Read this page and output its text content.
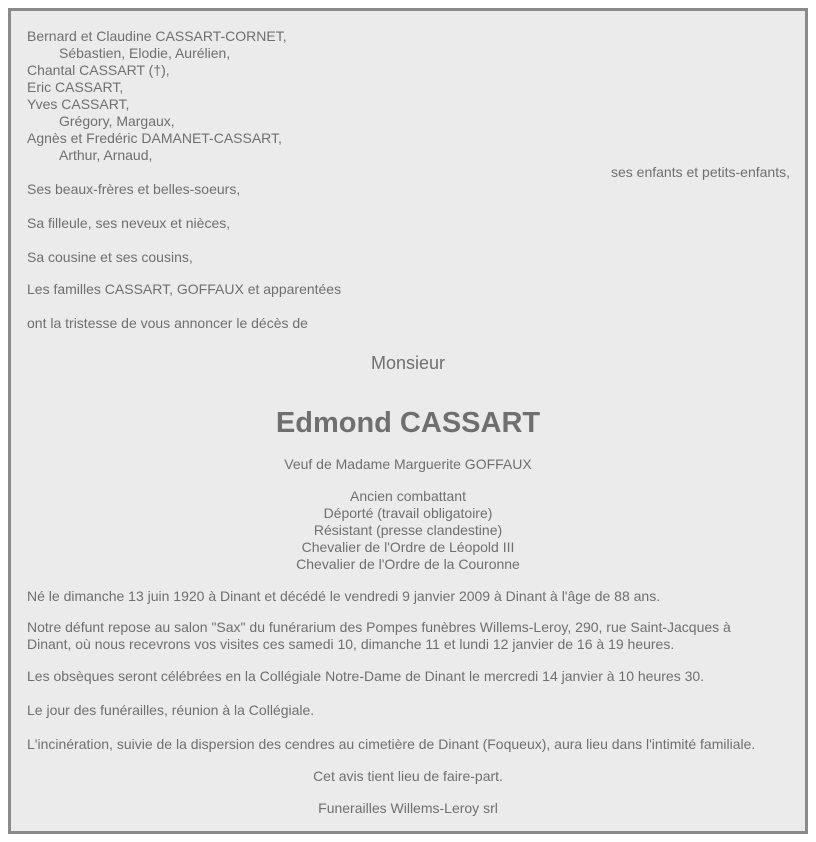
Bernard et Claudine CASSART-CORNET,
Sébastien, Elodie, Aurélien,
Chantal CASSART (†),
Eric CASSART,
Yves CASSART,
Grégory, Margaux,
Agnès et Fredéric DAMANET-CASSART,
Arthur, Arnaud,
ses enfants et petits-enfants,
Ses beaux-frères et belles-soeurs,
Sa filleule, ses neveux et nièces,
Sa cousine et ses cousins,
Les familles CASSART, GOFFAUX et apparentées
ont la tristesse de vous annoncer le décès de
Monsieur
Edmond CASSART
Veuf de Madame Marguerite GOFFAUX
Ancien combattant
Déporté (travail obligatoire)
Résistant (presse clandestine)
Chevalier de l'Ordre de Léopold III
Chevalier de l'Ordre de la Couronne
Né le dimanche 13 juin 1920 à Dinant et décédé le vendredi 9 janvier 2009 à Dinant à l'âge de 88 ans.
Notre défunt repose au salon "Sax" du funérarium des Pompes funèbres Willems-Leroy, 290, rue Saint-Jacques à
Dinant, où nous recevrons vos visites ces samedi 10, dimanche 11 et lundi 12 janvier de 16 à 19 heures.
Les obsèques seront célébrées en la Collégiale Notre-Dame de Dinant le mercredi 14 janvier à 10 heures 30.
Le jour des funérailles, réunion à la Collégiale.
L'incinération, suivie de la dispersion des cendres au cimetière de Dinant (Foqueux), aura lieu dans l'intimité familiale.
Cet avis tient lieu de faire-part.
Funerailles Willems-Leroy srl
